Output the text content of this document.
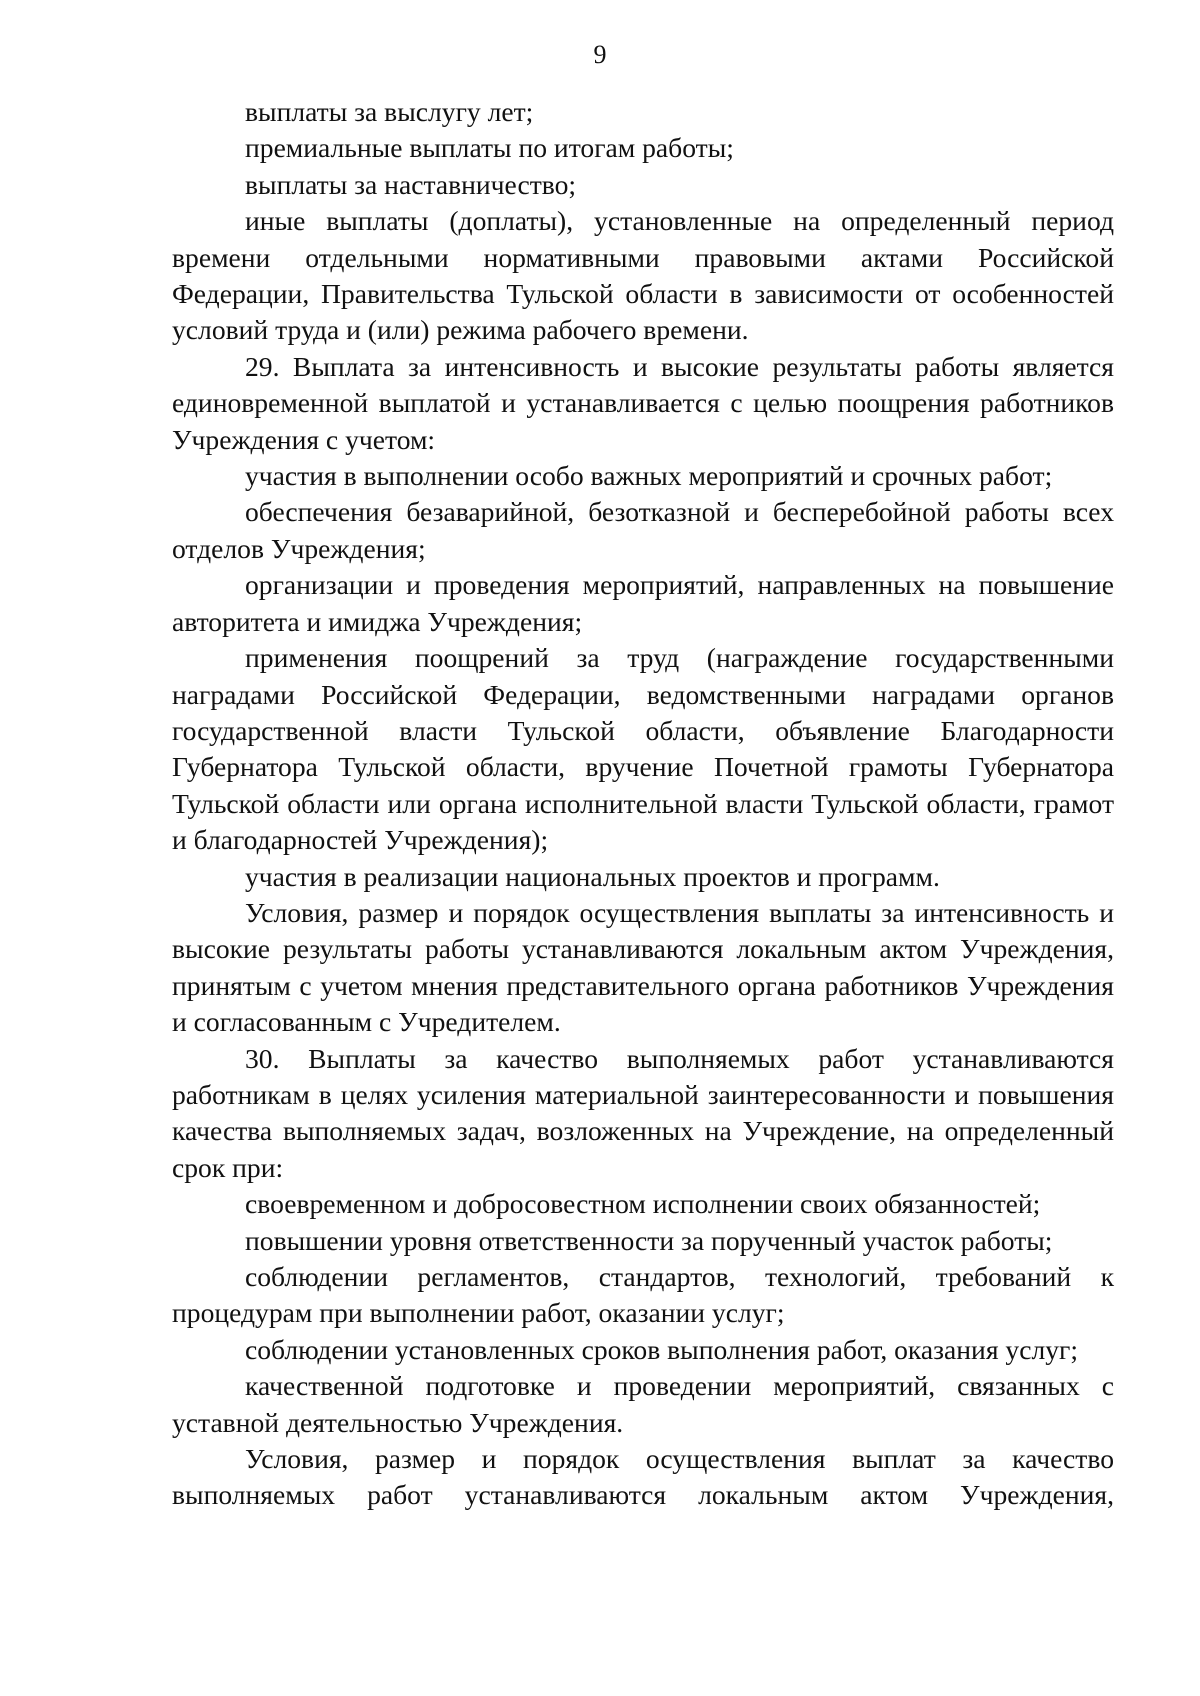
9

выплаты за выслугу лет;

премиальные выплаты по итогам работы;

выплаты за наставничество;

иные выплаты (доплаты), установленные на определенный период времени отдельными нормативными правовыми актами Российской Федерации, Правительства Тульской области в зависимости от особенностей условий труда и (или) режима рабочего времени.

29. Выплата за интенсивность и высокие результаты работы является единовременной выплатой и устанавливается с целью поощрения работников Учреждения с учетом:

участия в выполнении особо важных мероприятий и срочных работ;

обеспечения безаварийной, безотказной и бесперебойной работы всех отделов Учреждения;

организации и проведения мероприятий, направленных на повышение авторитета и имиджа Учреждения;

применения поощрений за труд (награждение государственными наградами Российской Федерации, ведомственными наградами органов государственной власти Тульской области, объявление Благодарности Губернатора Тульской области, вручение Почетной грамоты Губернатора Тульской области или органа исполнительной власти Тульской области, грамот и благодарностей Учреждения);

участия в реализации национальных проектов и программ.

Условия, размер и порядок осуществления выплаты за интенсивность и высокие результаты работы устанавливаются локальным актом Учреждения, принятым с учетом мнения представительного органа работников Учреждения и согласованным с Учредителем.

30. Выплаты за качество выполняемых работ устанавливаются работникам в целях усиления материальной заинтересованности и повышения качества выполняемых задач, возложенных на Учреждение, на определенный срок при:

своевременном и добросовестном исполнении своих обязанностей;

повышении уровня ответственности за порученный участок работы;

соблюдении регламентов, стандартов, технологий, требований к процедурам при выполнении работ, оказании услуг;

соблюдении установленных сроков выполнения работ, оказания услуг;

качественной подготовке и проведении мероприятий, связанных с уставной деятельностью Учреждения.

Условия, размер и порядок осуществления выплат за качество выполняемых работ устанавливаются локальным актом Учреждения,
